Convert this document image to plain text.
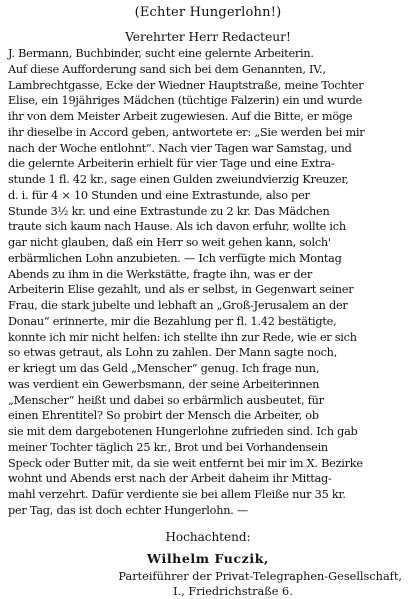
(Echter Hungerlohn!)
Verehrter Herr Redacteur!
J. Bermann, Buchbinder, sucht eine gelernte Arbeiterin.
Auf diese Aufforderung sand sich bei dem Genannten, IV.,
Lambrechtgasse, Ecke der Wiedner Hauptstraße, meine Tochter
Elise, ein 19jähriges Mädchen (tüchtige Falzerin) ein und wurde
ihr von dem Meister Arbeit zugewiesen. Auf die Bitte, er möge
ihr dieselbe in Accord geben, antwortete er: „Sie werden bei mir
nach der Woche entlohnt“. Nach vier Tagen war Samstag, und
die gelernte Arbeiterin erhielt für vier Tage und eine Extra-
stunde 1 fl. 42 kr., sage einen Gulden zweiundvierzig Kreuzer,
d. i. für 4 × 10 Stunden und eine Extrastunde, also per
Stunde 3½ kr. und eine Extrastunde zu 2 kr. Das Mädchen
traute sich kaum nach Hause. Als ich davon erfuhr, wollte ich
gar nicht glauben, daß ein Herr so weit gehen kann, solch'
erbärmlichen Lohn anzubieten. — Ich verfügte mich Montag
Abends zu ihm in die Werkstätte, fragte ihn, was er der
Arbeiterin Elise gezahlt, und als er selbst, in Gegenwart seiner
Frau, die stark jubelte und lebhaft an „Groß-Jerusalem an der
Donau“ erinnerte, mir die Bezahlung per fl. 1.42 bestätigte,
konnte ich mir nicht helfen: ich stellte ihn zur Rede, wie er sich
so etwas getraut, als Lohn zu zahlen. Der Mann sagte noch,
er kriegt um das Geld „Menscher“ genug. Ich frage nun,
was verdient ein Gewerbsmann, der seine Arbeiterinnen
„Menscher“ heißt und dabei so erbärmlich ausbeutet, für
einen Ehrentitel? So probirt der Mensch die Arbeiter, ob
sie mit dem dargebotenen Hungerlohne zufrieden sind. Ich gab
meiner Tochter täglich 25 kr., Brot und bei Vorhandensein
Speck oder Butter mit, da sie weit entfernt bei mir im X. Bezirke
wohnt und Abends erst nach der Arbeit daheim ihr Mittag-
mahl verzehrt. Dafür verdiente sie bei allem Fleiße nur 35 kr.
per Tag, das ist doch echter Hungerlohn. —
Hochachtend:
Wilhelm Fuczik,
Parteiführer der Privat-Telegraphen-Gesellschaft,
I., Friedrichstraße 6.
